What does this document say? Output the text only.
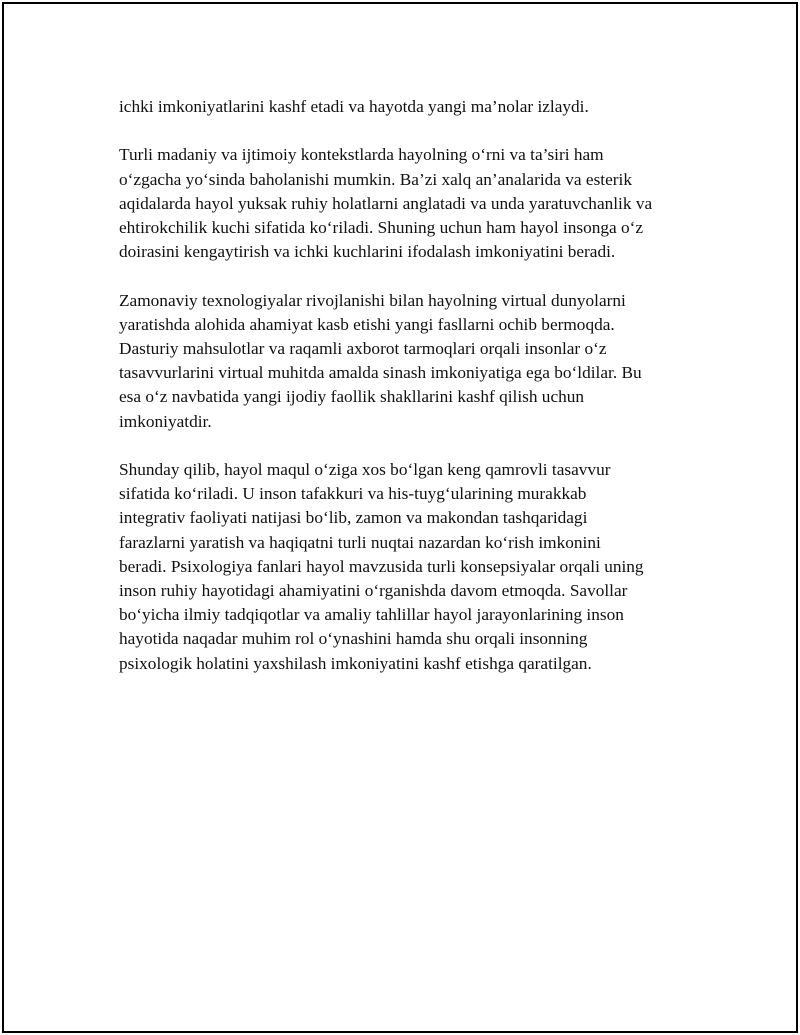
ichki imkoniyatlarini kashf etadi va hayotda yangi ma’nolar izlaydi.

Turli madaniy va ijtimoiy kontekstlarda hayolning o‘rni va ta’siri ham
o‘zgacha yo‘sinda baholanishi mumkin. Ba’zi xalq an’analarida va esterik
aqidalarda hayol yuksak ruhiy holatlarni anglatadi va unda yaratuvchanlik va
ehtirokchilik kuchi sifatida ko‘riladi. Shuning uchun ham hayol insonga o‘z
doirasini kengaytirish va ichki kuchlarini ifodalash imkoniyatini beradi.

Zamonaviy texnologiyalar rivojlanishi bilan hayolning virtual dunyolarni
yaratishda alohida ahamiyat kasb etishi yangi fasllarni ochib bermoqda.
Dasturiy mahsulotlar va raqamli axborot tarmoqlari orqali insonlar o‘z
tasavvurlarini virtual muhitda amalda sinash imkoniyatiga ega bo‘ldilar. Bu
esa o‘z navbatida yangi ijodiy faollik shakllarini kashf qilish uchun
imkoniyatdir.

Shunday qilib, hayol maqul o‘ziga xos bo‘lgan keng qamrovli tasavvur
sifatida ko‘riladi. U inson tafakkuri va his-tuyg‘ularining murakkab
integrativ faoliyati natijasi bo‘lib, zamon va makondan tashqaridagi
farazlarni yaratish va haqiqatni turli nuqtai nazardan ko‘rish imkonini
beradi. Psixologiya fanlari hayol mavzusida turli konsepsiyalar orqali uning
inson ruhiy hayotidagi ahamiyatini o‘rganishda davom etmoqda. Savollar
bo‘yicha ilmiy tadqiqotlar va amaliy tahlillar hayol jarayonlarining inson
hayotida naqadar muhim rol o‘ynashini hamda shu orqali insonning
psixologik holatini yaxshilash imkoniyatini kashf etishga qaratilgan.
